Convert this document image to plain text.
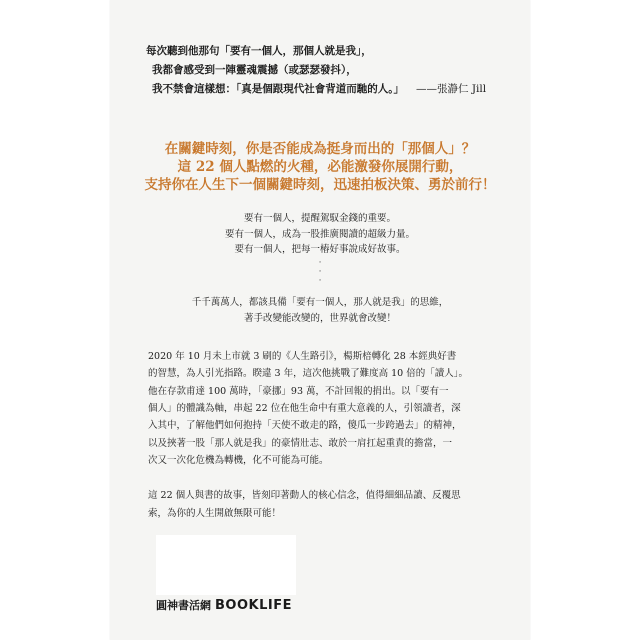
每次聽到他那句「要有一個人，那個人就是我」，
我都會感受到一陣靈魂震撼（或瑟瑟發抖），
我不禁會這樣想：「真是個跟現代社會背道而馳的人。」 ——張瀞仁 Jill
在關鍵時刻，你是否能成為挺身而出的「那個人」？
這 22 個人點燃的火種，必能激發你展開行動，
支持你在人生下一個關鍵時刻，迅速拍板決策、勇於前行！
要有一個人，提醒駕馭金錢的重要。
要有一個人，成為一股推廣閱讀的超級力量。
要有一個人，把每一樁好事說成好故事。
·
·
·
千千萬萬人，都該具備「要有一個人，那人就是我」的思維，
著手改變能改變的，世界就會改變！
2020 年 10 月未上市就 3 刷的《人生路引》，楊斯棓轉化 28 本經典好書
的智慧，為人引光指路。睽違 3 年，這次他挑戰了難度高 10 倍的「讀人」。
他在存款甫達 100 萬時，「豪挪」93 萬，不計回報的捐出。以「要有一
個人」的體識為軸，串起 22 位在他生命中有重大意義的人，引領讀者，深
入其中，了解他們如何抱持「天使不敢走的路，傻瓜一步跨過去」的精神，
以及挾著一股「那人就是我」的豪情壯志、敢於一肩扛起重責的擔當，一
次又一次化危機為轉機，化不可能為可能。
這 22 個人與書的故事，皆刻印著動人的核心信念，值得細細品讀、反覆思
索，為你的人生開啟無限可能！
圓神書活網 BOOKLIFE
